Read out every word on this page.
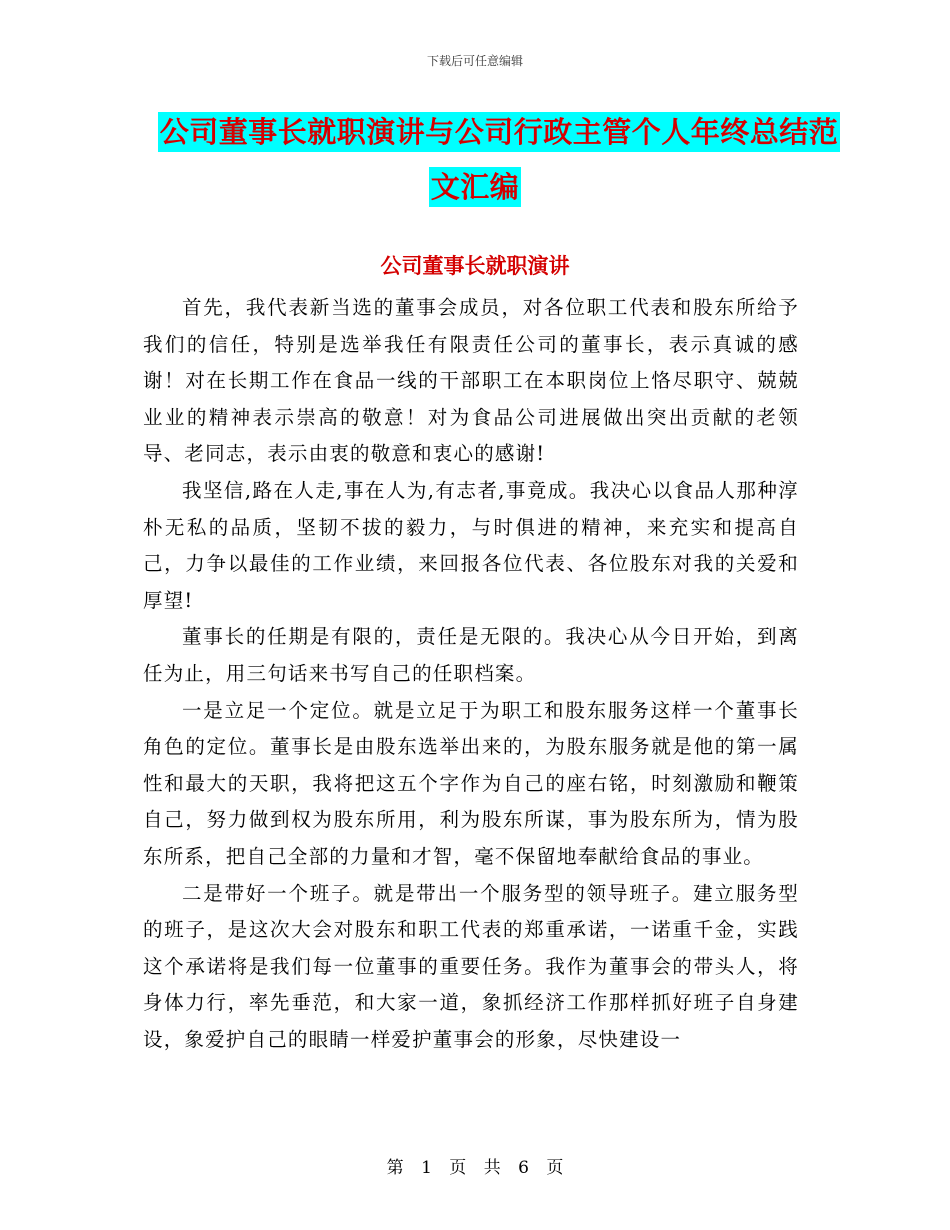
下载后可任意编辑
公司董事长就职演讲与公司行政主管个人年终总结范
文汇编
公司董事长就职演讲

首先，我代表新当选的董事会成员，对各位职工代表和股东所给予我们的信任，特别是选举我任有限责任公司的董事长，表示真诚的感谢！对在长期工作在食品一线的干部职工在本职岗位上恪尽职守、兢兢业业的精神表示崇高的敬意！对为食品公司进展做出突出贡献的老领导、老同志，表示由衷的敬意和衷心的感谢!

我坚信,路在人走,事在人为,有志者,事竟成。我决心以食品人那种淳朴无私的品质，坚韧不拔的毅力，与时俱进的精神，来充实和提高自己，力争以最佳的工作业绩，来回报各位代表、各位股东对我的关爱和厚望!

董事长的任期是有限的，责任是无限的。我决心从今日开始，到离任为止，用三句话来书写自己的任职档案。

一是立足一个定位。就是立足于为职工和股东服务这样一个董事长角色的定位。董事长是由股东选举出来的，为股东服务就是他的第一属性和最大的天职，我将把这五个字作为自己的座右铭，时刻激励和鞭策自己，努力做到权为股东所用，利为股东所谋，事为股东所为，情为股东所系，把自己全部的力量和才智，毫不保留地奉献给食品的事业。

二是带好一个班子。就是带出一个服务型的领导班子。建立服务型的班子，是这次大会对股东和职工代表的郑重承诺，一诺重千金，实践这个承诺将是我们每一位董事的重要任务。我作为董事会的带头人，将身体力行，率先垂范，和大家一道，象抓经济工作那样抓好班子自身建设，象爱护自己的眼睛一样爱护董事会的形象，尽快建设一

第 1 页 共 6 页
